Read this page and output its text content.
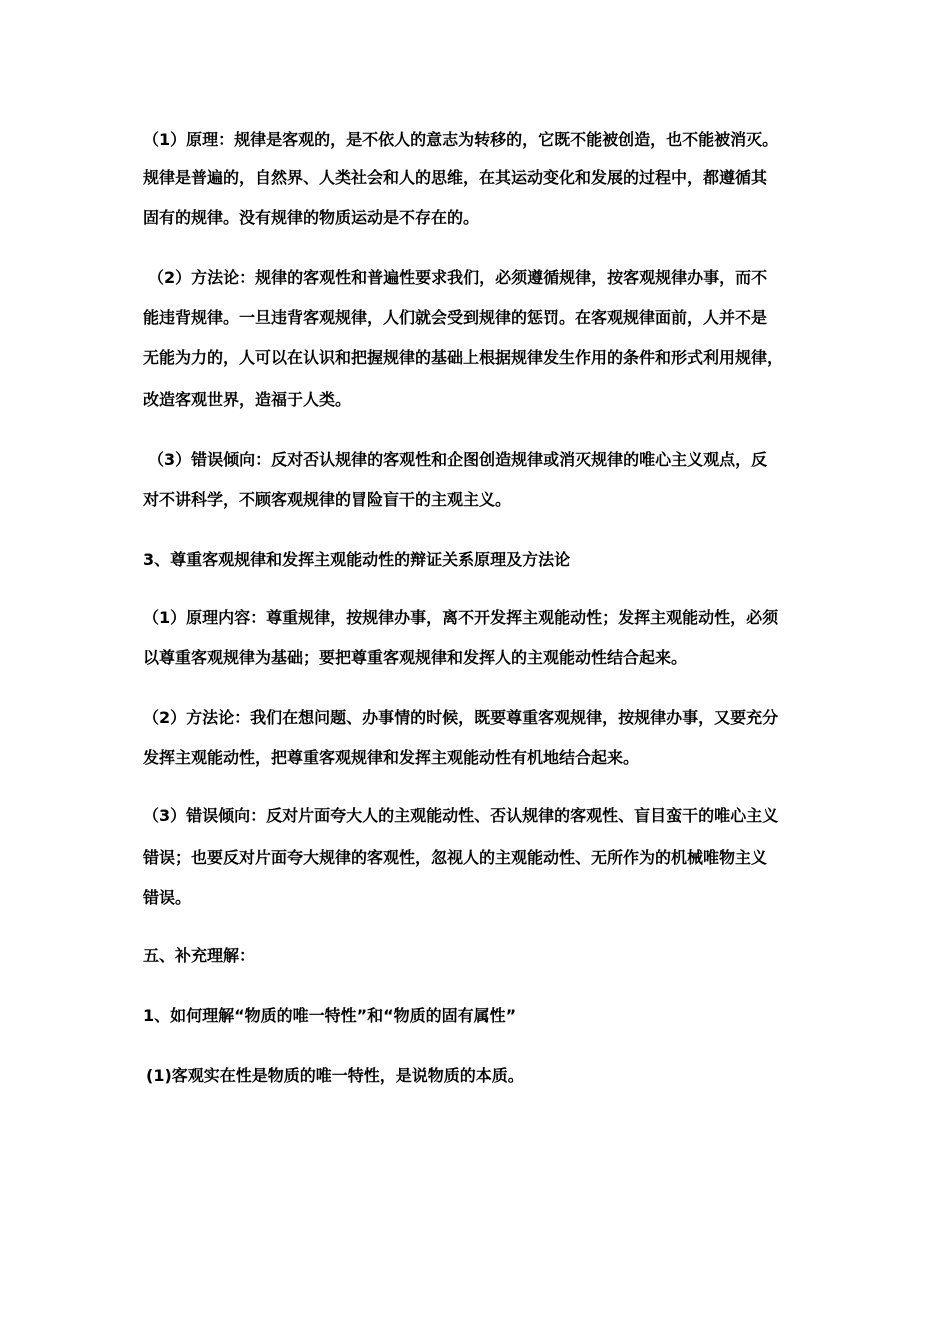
（1）原理：规律是客观的，是不依人的意志为转移的，它既不能被创造，也不能被消灭。
规律是普遍的，自然界、人类社会和人的思维，在其运动变化和发展的过程中，都遵循其
固有的规律。没有规律的物质运动是不存在的。
（2）方法论：规律的客观性和普遍性要求我们，必须遵循规律，按客观规律办事，而不
能违背规律。一旦违背客观规律，人们就会受到规律的惩罚。在客观规律面前，人并不是
无能为力的，人可以在认识和把握规律的基础上根据规律发生作用的条件和形式利用规律，
改造客观世界，造福于人类。
（3）错误倾向：反对否认规律的客观性和企图创造规律或消灭规律的唯心主义观点，反
对不讲科学，不顾客观规律的冒险盲干的主观主义。
3、尊重客观规律和发挥主观能动性的辩证关系原理及方法论
（1）原理内容：尊重规律，按规律办事，离不开发挥主观能动性；发挥主观能动性，必须
以尊重客观规律为基础；要把尊重客观规律和发挥人的主观能动性结合起来。
（2）方法论：我们在想问题、办事情的时候，既要尊重客观规律，按规律办事，又要充分
发挥主观能动性，把尊重客观规律和发挥主观能动性有机地结合起来。
（3）错误倾向：反对片面夸大人的主观能动性、否认规律的客观性、盲目蛮干的唯心主义
错误；也要反对片面夸大规律的客观性，忽视人的主观能动性、无所作为的机械唯物主义
错误。
五、补充理解：
1、如何理解“物质的唯一特性”和“物质的固有属性”
(1)客观实在性是物质的唯一特性，是说物质的本质。
